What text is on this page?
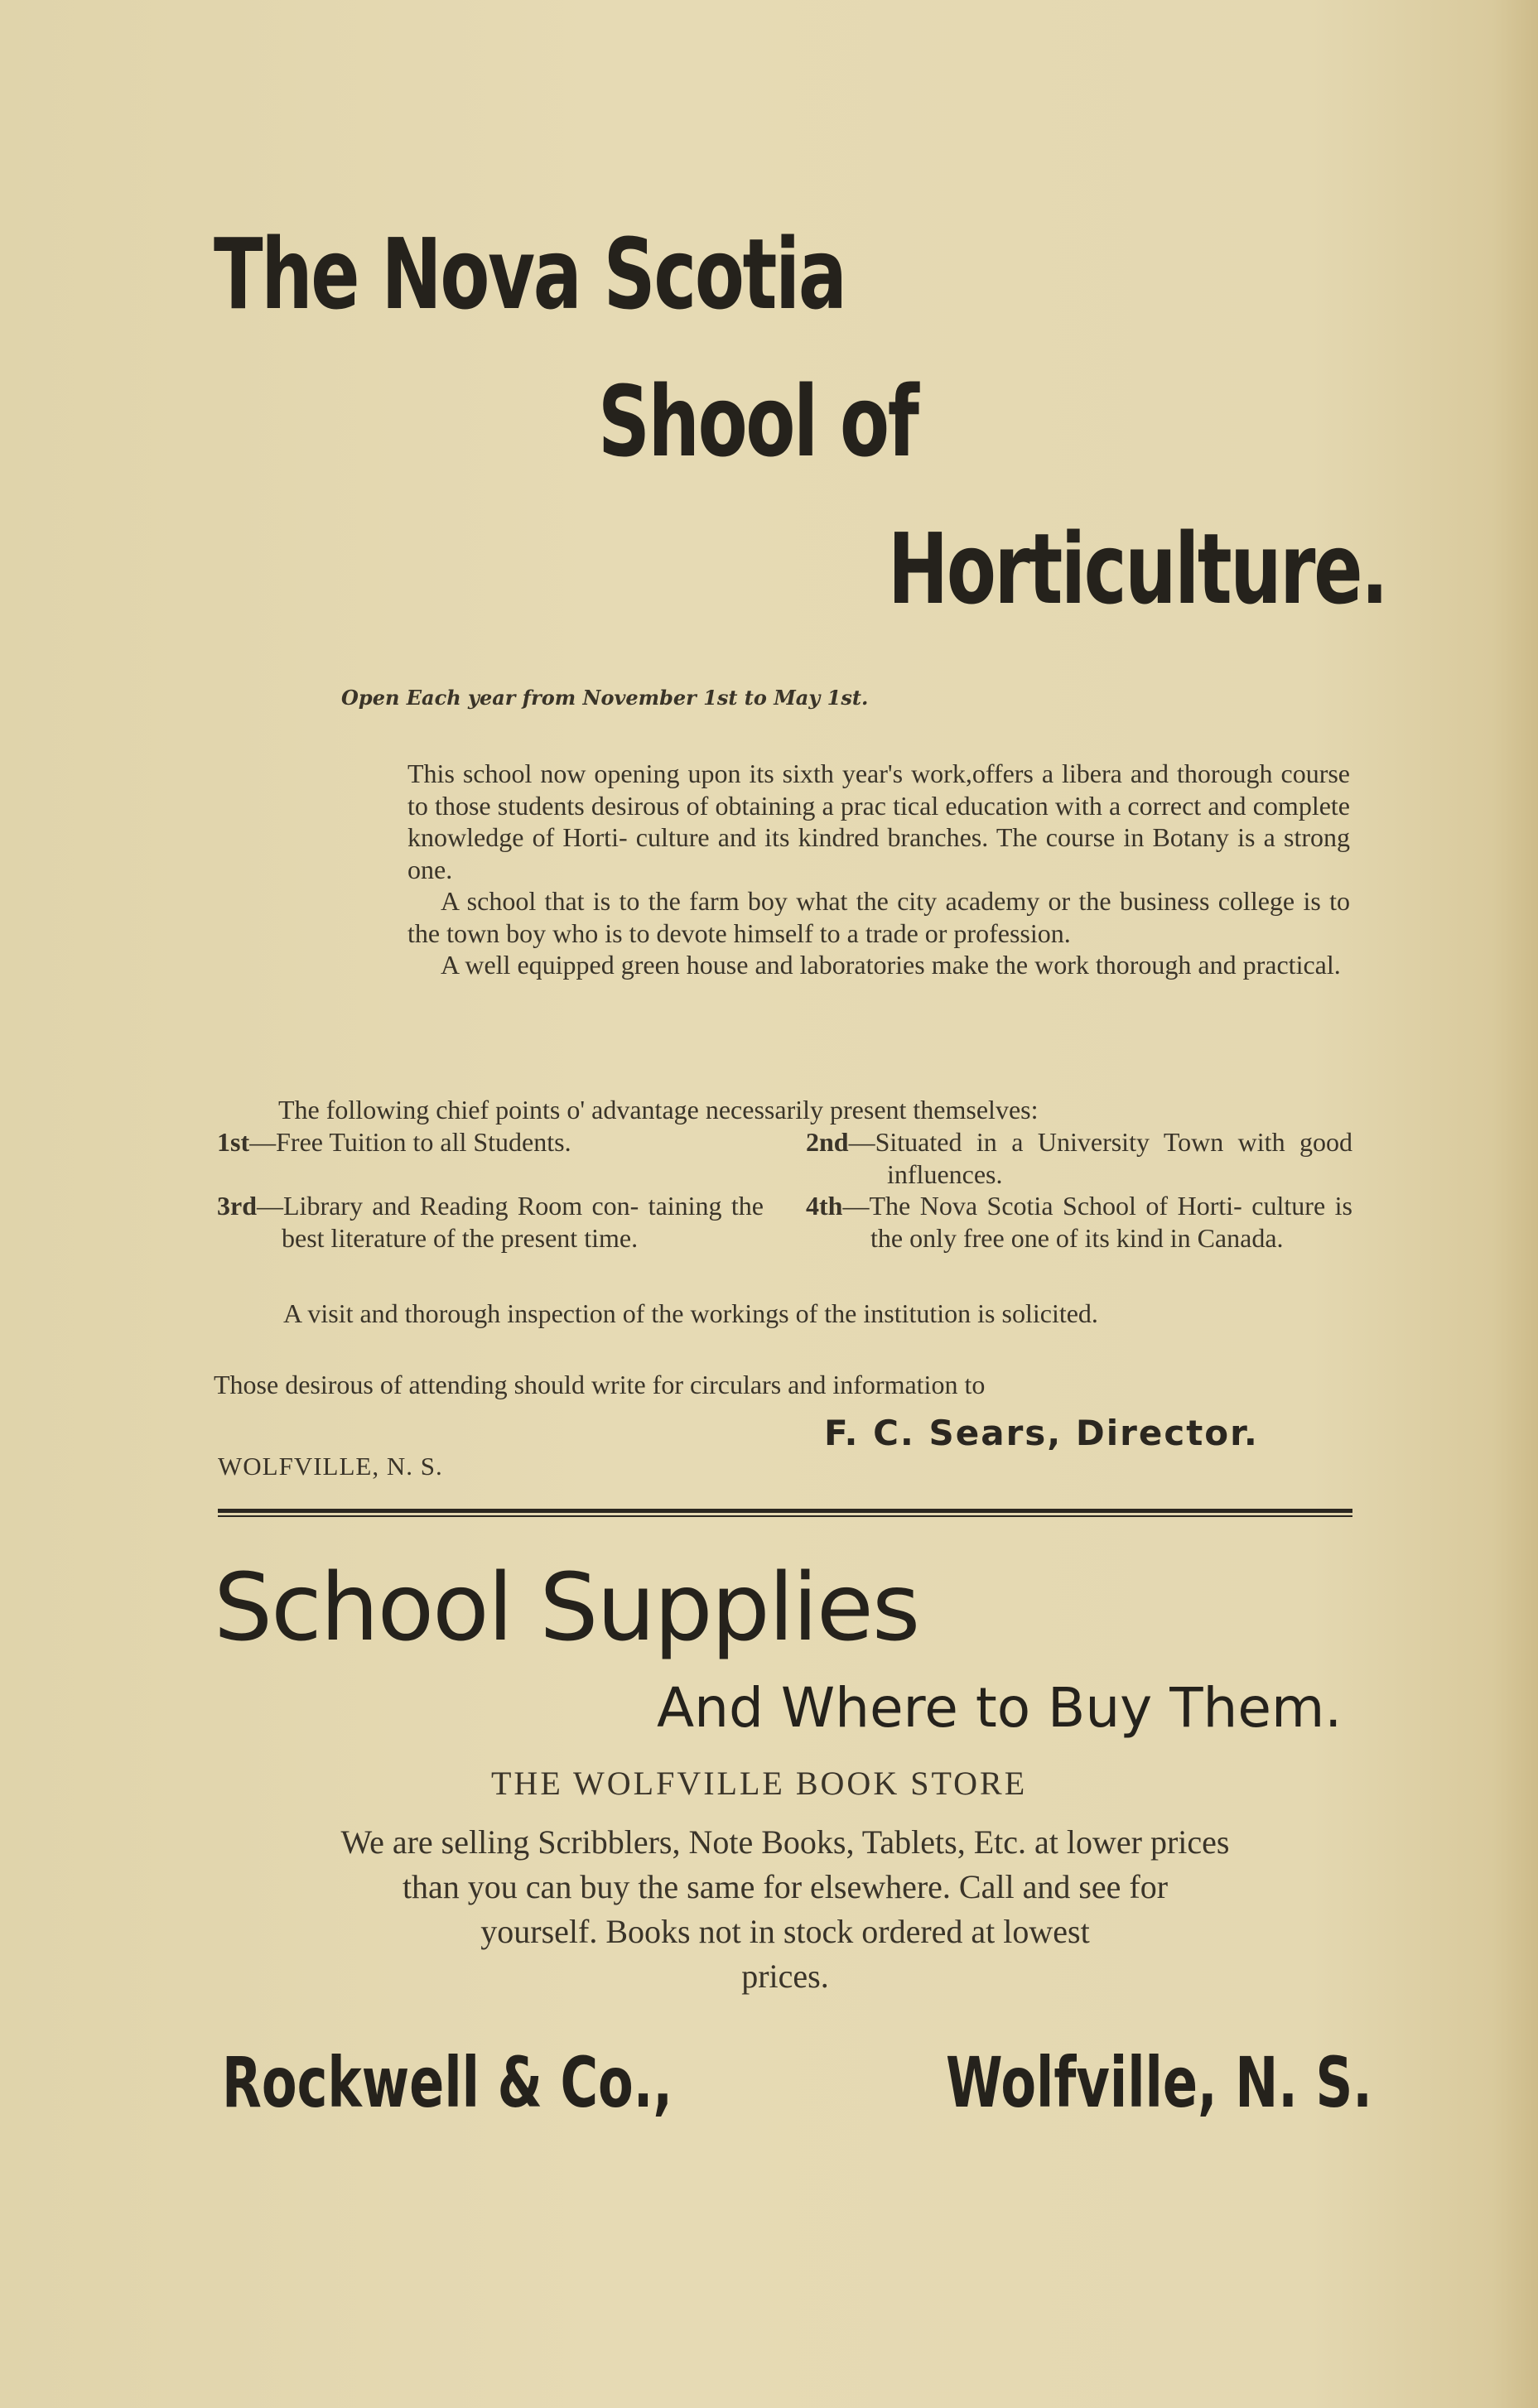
The Nova Scotia
Shool of
Horticulture.
Open Each year from November 1st to May 1st.

This school now opening upon its sixth year's work,offers a libera and thorough course to those students desirous of obtaining a prac tical education with a correct and complete knowledge of Horti- culture and its kindred branches. The course in Botany is a strong one.

A school that is to the farm boy what the city academy or the business college is to the town boy who is to devote himself to a trade or profession.

A well equipped green house and laboratories make the work thorough and practical.

The following chief points o' advantage necessarily present themselves:
1st—Free Tuition to all Students.	2nd—Situated in a University Town with good influences.
3rd—Library and Reading Room con- taining the best literature of the present time.
4th—The Nova Scotia School of Horti- culture is the only free one of its kind in Canada.

A visit and thorough inspection of the workings of the institution is solicited.

Those desirous of attending should write for circulars and information to
F. C. Sears, Director.
WOLFVILLE, N. S.
School Supplies
And Where to Buy Them.
THE WOLFVILLE BOOK STORE

We are selling Scribblers, Note Books, Tablets, Etc. at lower prices

than you can buy the same for elsewhere. Call and see for

yourself. Books not in stock ordered at lowest

prices.

Rockwell & Co.,	Wolfville, N. S.
